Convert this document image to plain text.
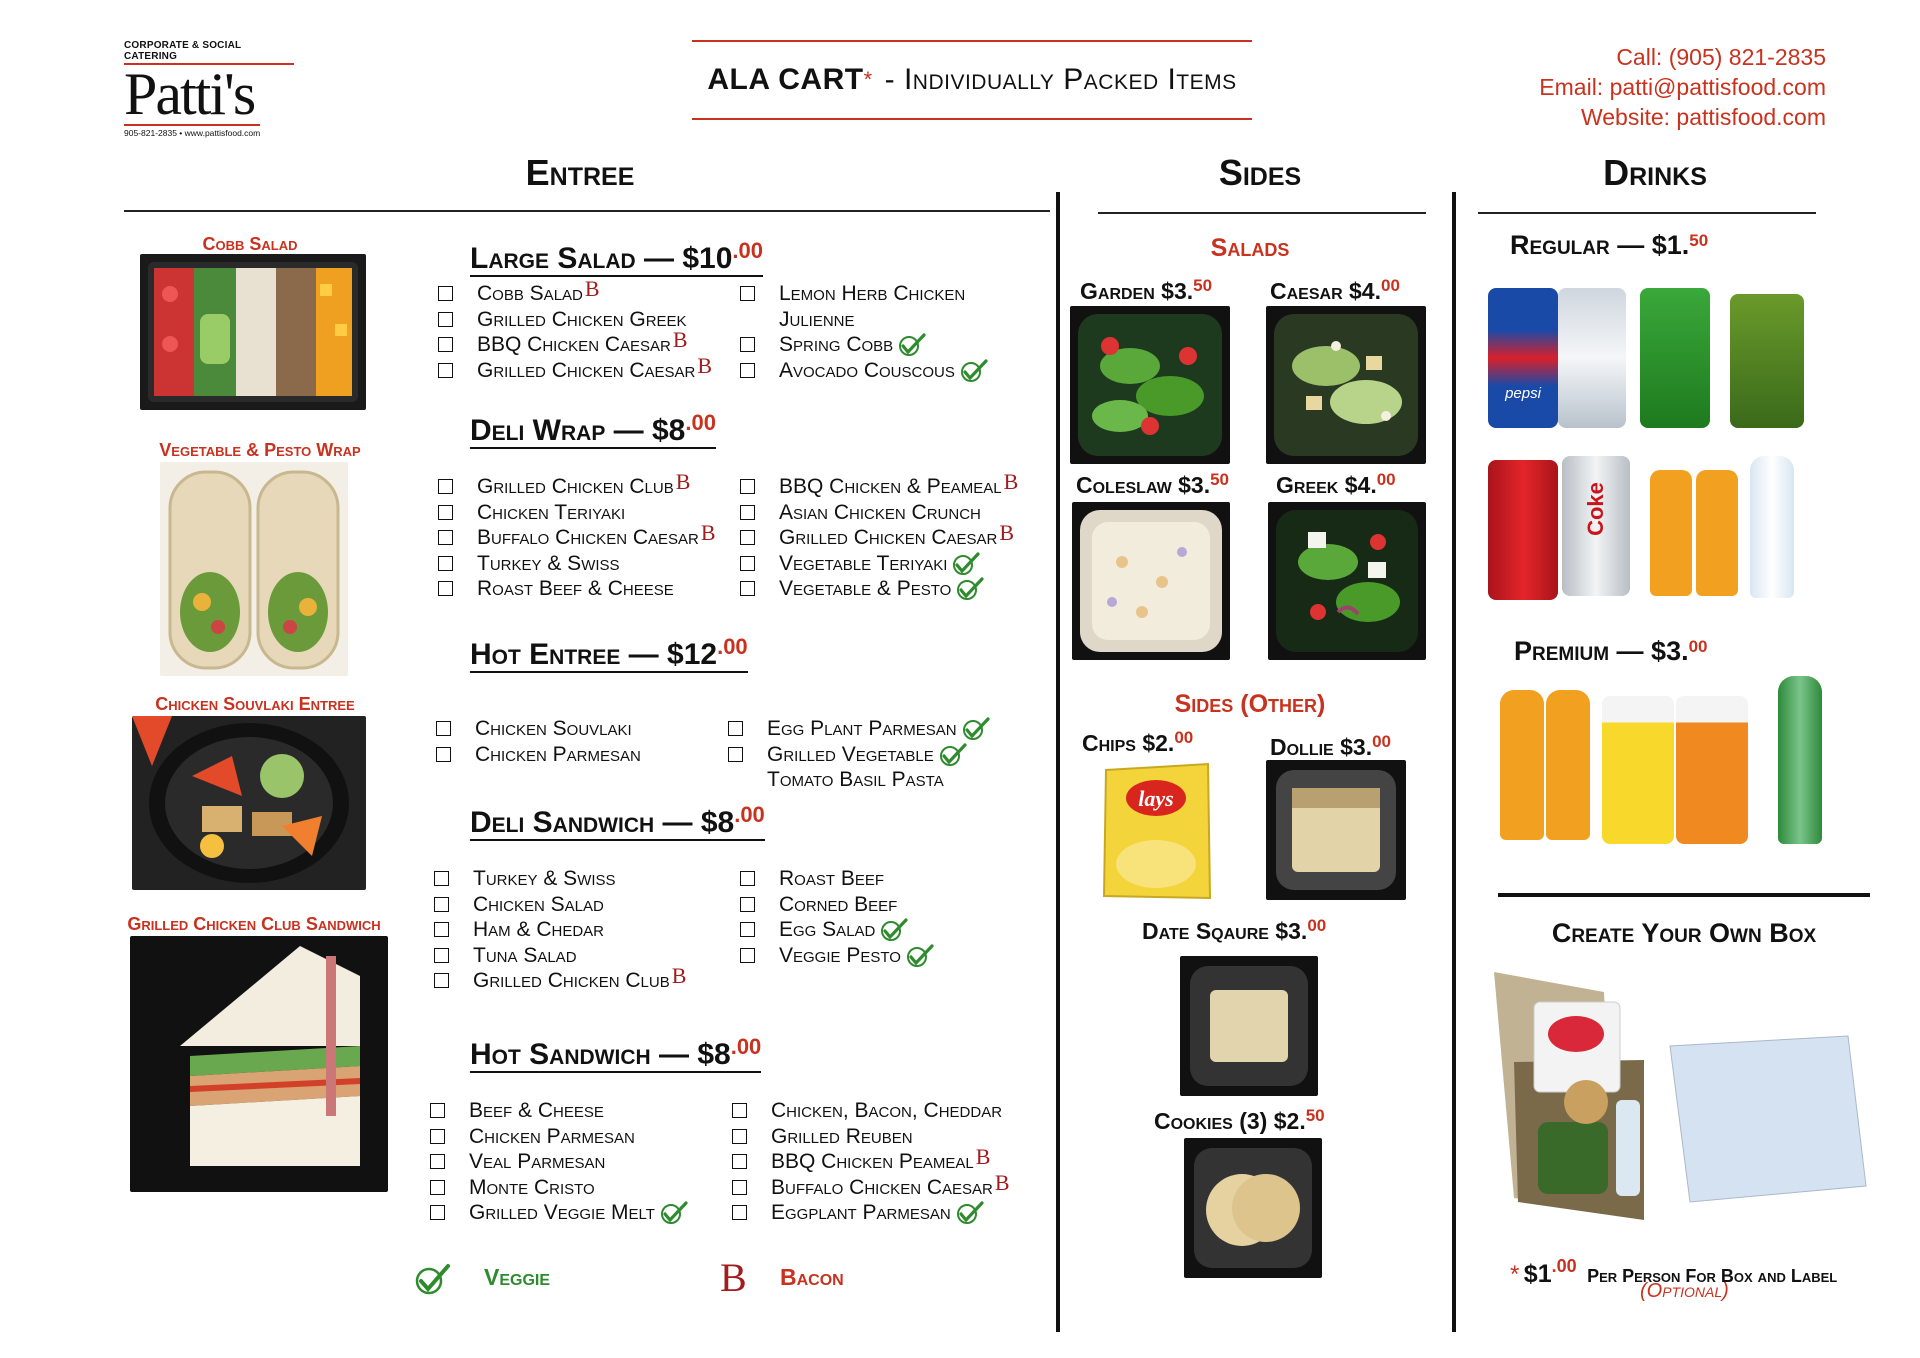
CORPORATE & SOCIAL CATERING
Patti's
905-821-2835 • www.pattisfood.com
ALA CART * - Individually Packed Items
Call: (905) 821-2835
Email: patti@pattisfood.com
Website: pattisfood.com
Entree	Sides	Drinks
Cobb Salad
Vegetable & Pesto Wrap
Chicken Souvlaki Entree
Grilled Chicken Club Sandwich
Large Salad — $\$10^{.00}$
Cobb Salad B
Grilled Chicken Greek
BBQ Chicken Caesar B
Grilled Chicken Caesar B
Lemon Herb Chicken
Julienne
Spring Cobb
Avocado Couscous
Deli Wrap — $\$8^{.00}$
Grilled Chicken Club B
Chicken Teriyaki
Buffalo Chicken Caesar B
Turkey & Swiss
Roast Beef & Cheese
BBQ Chicken & Peameal B
Asian Chicken Crunch
Grilled Chicken Caesar B
Vegetable Teriyaki
Vegetable & Pesto
Hot Entree — $\$12^{.00}$
Chicken Souvlaki
Chicken Parmesan
Egg Plant Parmesan
Grilled Vegetable
Tomato Basil Pasta
Deli Sandwich — $\$8^{.00}$
Turkey & Swiss
Chicken Salad
Ham & Chedar
Tuna Salad
Grilled Chicken Club B
Roast Beef
Corned Beef
Egg Salad
Veggie Pesto
Hot Sandwich — $\$8^{.00}$
Beef & Cheese
Chicken Parmesan
Veal Parmesan
Monte Cristo
Grilled Veggie Melt
Chicken, Bacon, Cheddar
Grilled Reuben
BBQ Chicken Peameal B
Buffalo Chicken Caesar B
Eggplant Parmesan
Veggie	B Bacon
Salads
Garden $3.50	Caesar $4.00
Coleslaw $3.50 Greek $4.00
Sides (Other)
Chips $2.00	Dollie $3.00
lays
Date Sqaure $3.00
Cookies (3) $2.50
Regular — $1.50
pepsi
Coke
Premium — $3.00
Create Your Own Box
* $1.00 Per Person For Box and Label
(Optional)
